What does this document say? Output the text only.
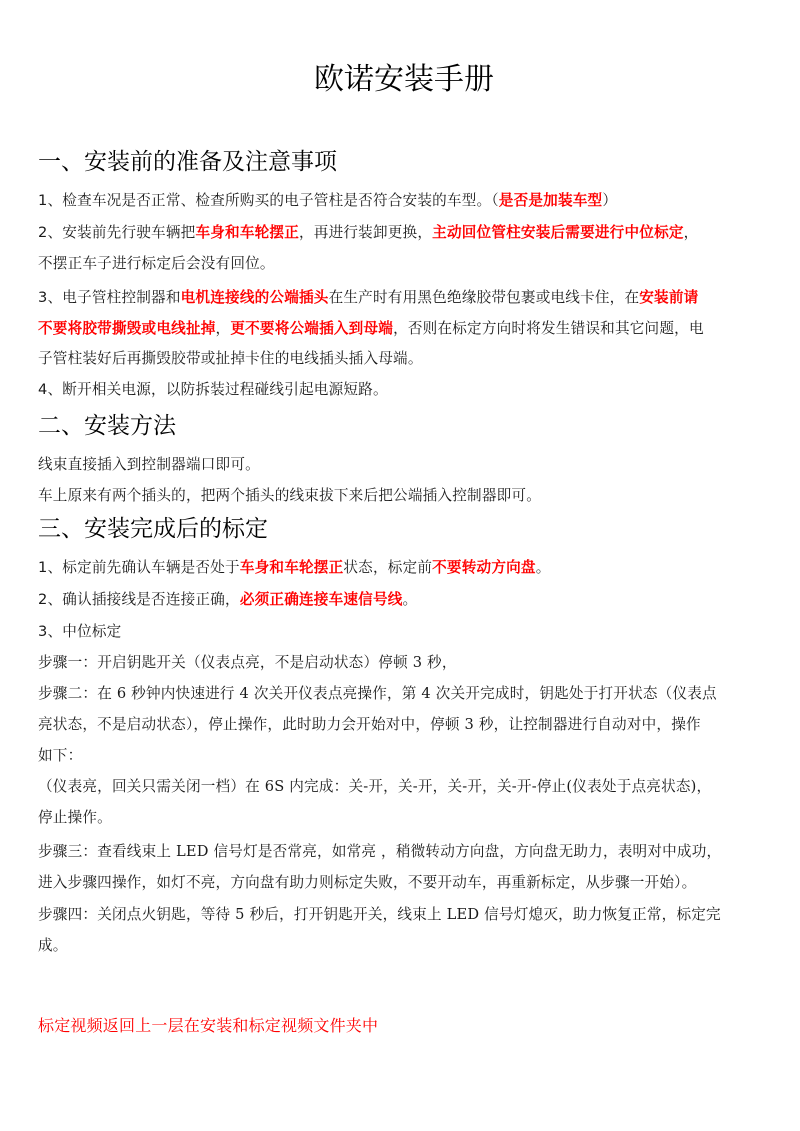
欧诺安装手册
一、安装前的准备及注意事项
1、检查车况是否正常、检查所购买的电子管柱是否符合安装的车型。（是否是加装车型）
2、安装前先行驶车辆把车身和车轮摆正，再进行装卸更换，主动回位管柱安装后需要进行中位标定，
不摆正车子进行标定后会没有回位。
3、电子管柱控制器和电机连接线的公端插头在生产时有用黑色绝缘胶带包裹或电线卡住，在安装前请
不要将胶带撕毁或电线扯掉，更不要将公端插入到母端，否则在标定方向时将发生错误和其它问题，电
子管柱装好后再撕毁胶带或扯掉卡住的电线插头插入母端。
4、断开相关电源，以防拆装过程碰线引起电源短路。
二、安装方法
线束直接插入到控制器端口即可。
车上原来有两个插头的，把两个插头的线束拔下来后把公端插入控制器即可。
三、安装完成后的标定
1、标定前先确认车辆是否处于车身和车轮摆正状态，标定前不要转动方向盘。
2、确认插接线是否连接正确，必须正确连接车速信号线。
3、中位标定
步骤一：开启钥匙开关（仪表点亮，不是启动状态）停顿 3 秒，
步骤二：在 6 秒钟内快速进行 4 次关开仪表点亮操作，第 4 次关开完成时，钥匙处于打开状态（仪表点
亮状态，不是启动状态），停止操作，此时助力会开始对中，停顿 3 秒，让控制器进行自动对中，操作
如下：
（仪表亮，回关只需关闭一档）在 6S 内完成：关-开，关-开，关-开，关-开-停止(仪表处于点亮状态)，
停止操作。
步骤三：查看线束上 LED 信号灯是否常亮，如常亮 ，稍微转动方向盘，方向盘无助力，表明对中成功，
进入步骤四操作，如灯不亮，方向盘有助力则标定失败，不要开动车，再重新标定，从步骤一开始）。
步骤四：关闭点火钥匙，等待 5 秒后，打开钥匙开关，线束上 LED 信号灯熄灭，助力恢复正常，标定完
成。
标定视频返回上一层在安装和标定视频文件夹中
